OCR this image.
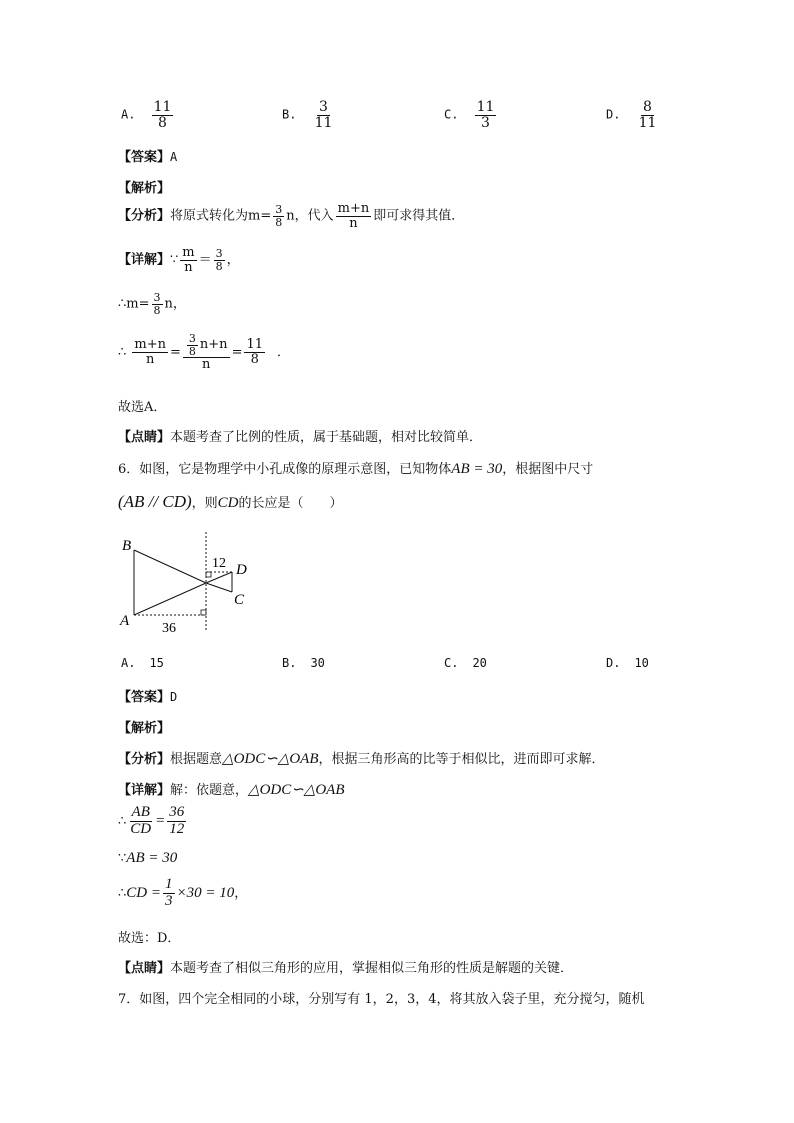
A. $\frac{11}{8}$	B. $\frac{3}{11}$	C. $\frac{11}{3}$	D. $\frac{8}{11}$
【答案】A
【解析】
【分析】将原式转化为$m= \frac{3}{8}$ n，代入 $\frac{m+n}{n}$ 即可求得其值．
【详解】∵ $\frac{m}{n} = \frac{3}{8}$ ，
∴m= $\frac{3}{8}$ n，
∴ $\frac{m+n}{n} = \frac{\frac{3}{8} n+n}{n} = \frac{11}{8}$ ．
故选A．
【点睛】本题考查了比例的性质，属于基础题，相对比较简单．
6．如图，它是物理学中小孔成像的原理示意图，已知物体AB = 30，根据图中尺寸
(AB // CD)，则CD的长应是（　　）
B
A
D
C
12
36
A. 15	B. 30	C. 20	D. 10
【答案】D
【解析】
【分析】根据题意△ODC∽△OAB，根据三角形高的比等于相似比，进而即可求解．
【详解】解：依题意，△ODC∽△OAB
∴ $\frac{AB}{CD} = \frac{36}{12}$
∵AB = 30
∴CD = $\frac{1}{3} \times 30 = 10$，
故选：D．
【点睛】本题考查了相似三角形的应用，掌握相似三角形的性质是解题的关键．
7．如图，四个完全相同的小球，分别写有 1，2，3，4，将其放入袋子里，充分搅匀，随机
